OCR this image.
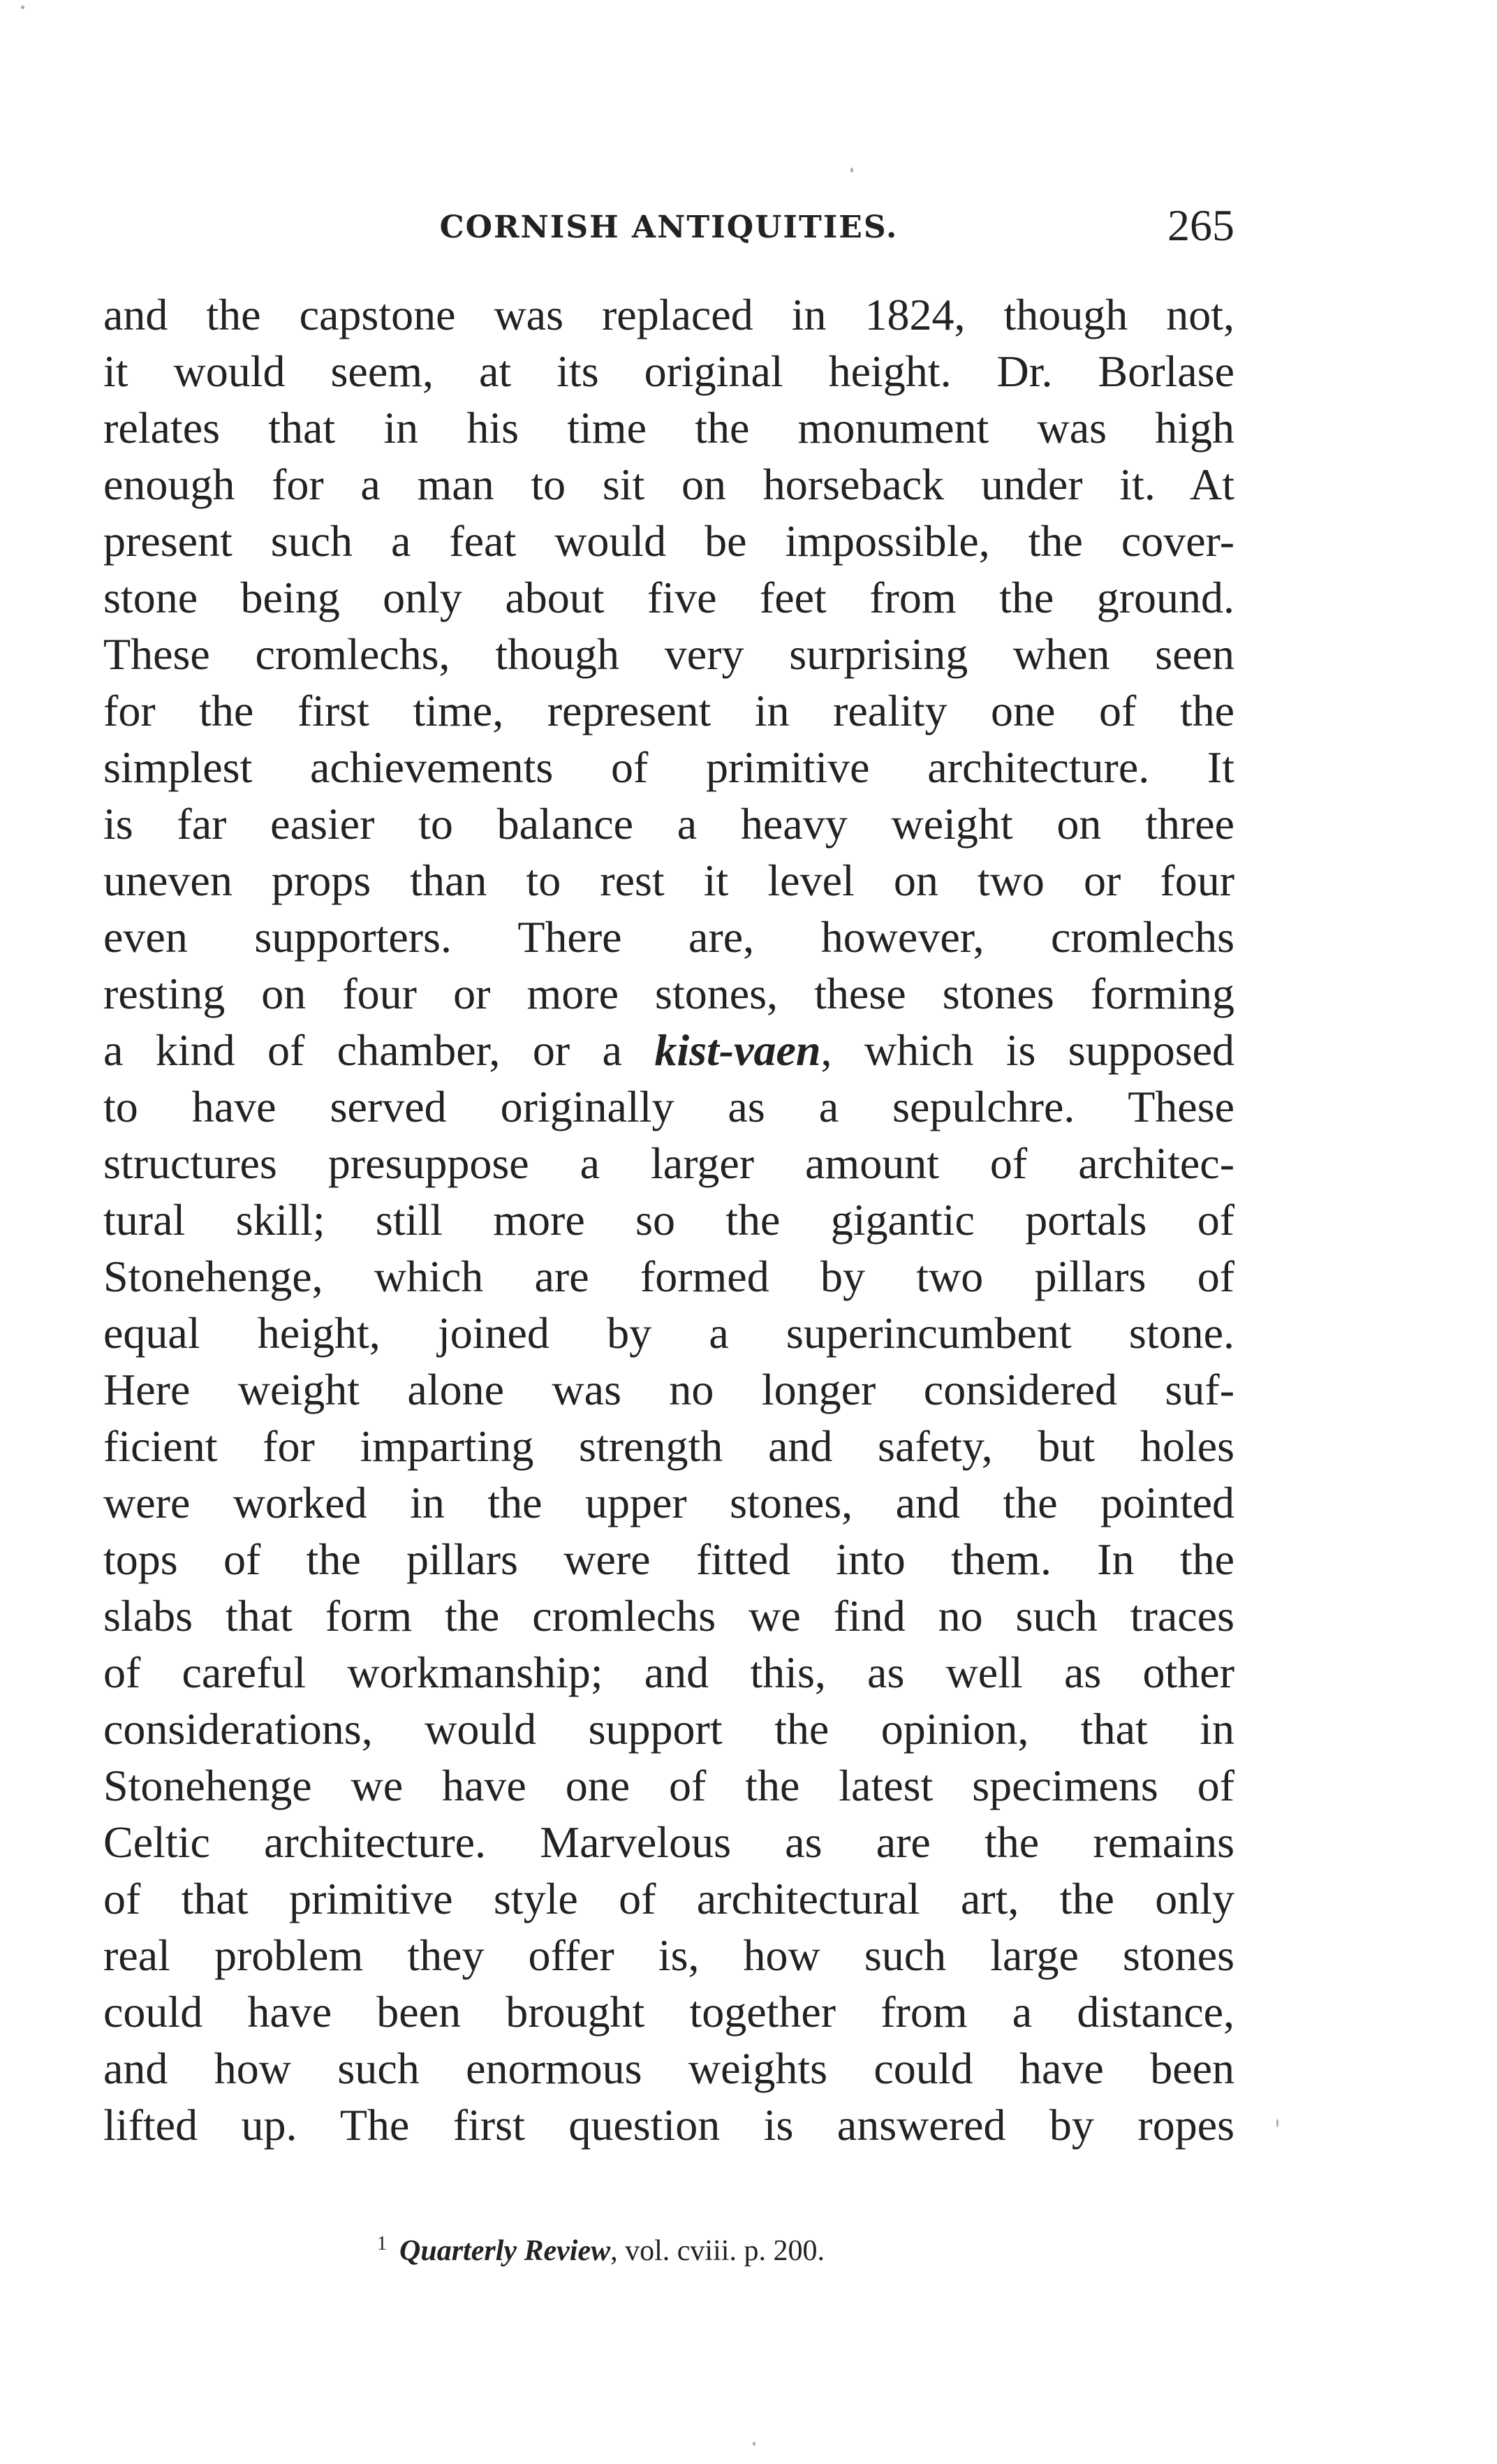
CORNISH ANTIQUITIES.	265
and the capstone was replaced in 1824, though not,
it would seem, at its original height. Dr. Borlase
relates that in his time the monument was high
enough for a man to sit on horseback under it. At
present such a feat would be impossible, the cover-
stone being only about five feet from the ground.
These cromlechs, though very surprising when seen
for the first time, represent in reality one of the
simplest achievements of primitive architecture. It
is far easier to balance a heavy weight on three
uneven props than to rest it level on two or four
even supporters. There are, however, cromlechs
resting on four or more stones, these stones forming
a kind of chamber, or a kist-vaen, which is supposed
to have served originally as a sepulchre. These
structures presuppose a larger amount of architec-
tural skill; still more so the gigantic portals of
Stonehenge, which are formed by two pillars of
equal height, joined by a superincumbent stone.
Here weight alone was no longer considered suf-
ficient for imparting strength and safety, but holes
were worked in the upper stones, and the pointed
tops of the pillars were fitted into them. In the
slabs that form the cromlechs we find no such traces
of careful workmanship; and this, as well as other
considerations, would support the opinion, that in
Stonehenge we have one of the latest specimens of
Celtic architecture. Marvelous as are the remains
of that primitive style of architectural art, the only
real problem they offer is, how such large stones
could have been brought together from a distance,
and how such enormous weights could have been
lifted up. The first question is answered by ropes
$^1$ Quarterly Review, vol. cviii. p. 200.
